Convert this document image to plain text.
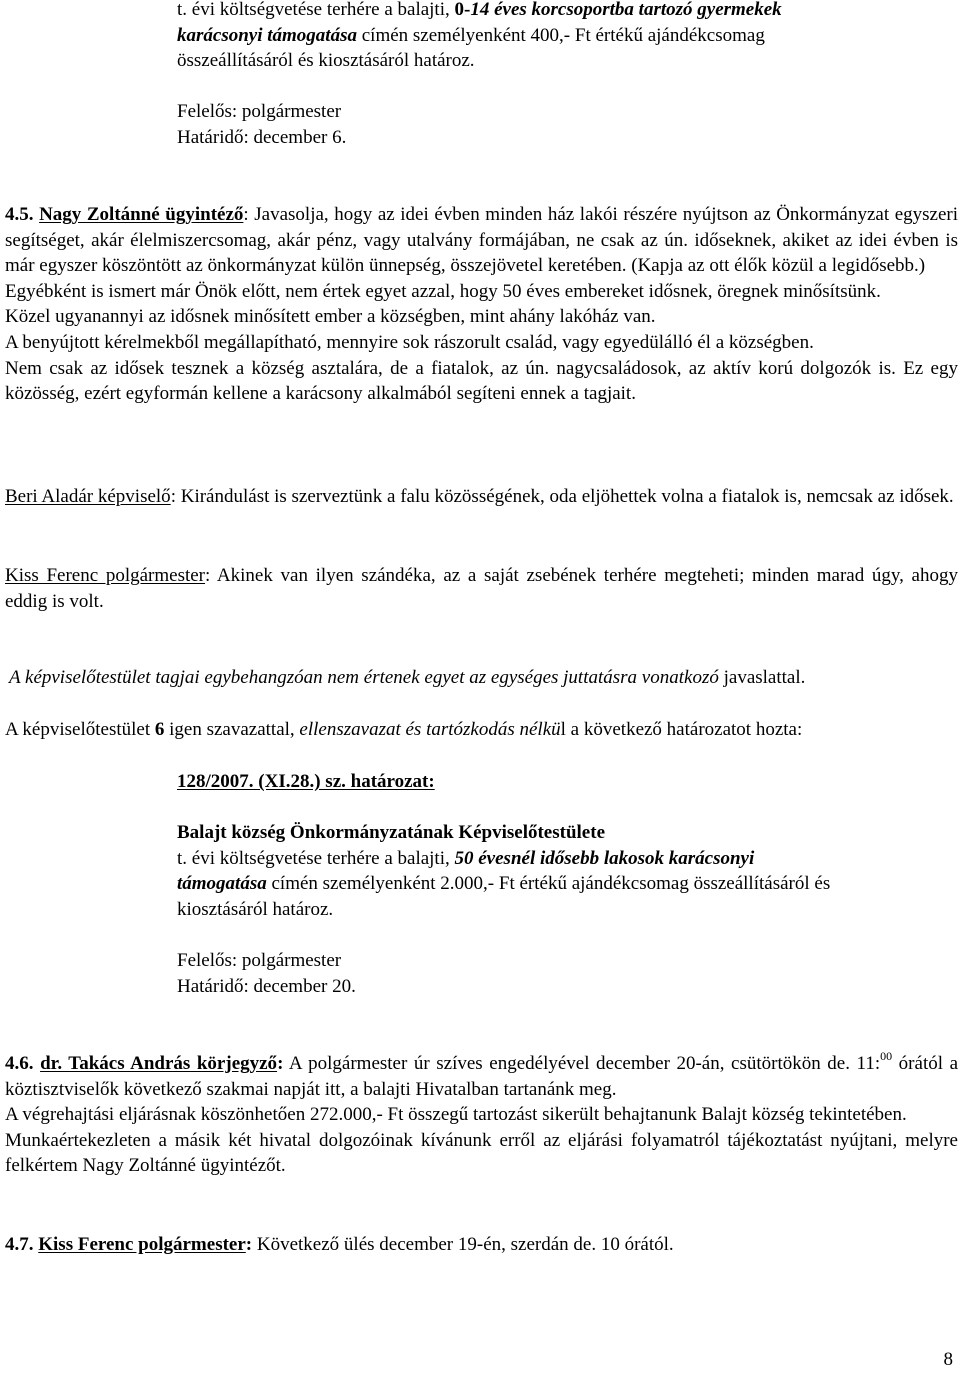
t. évi költségvetése terhére a balajti, 0-14 éves korcsoportba tartozó gyermekek

karácsonyi támogatása címén személyenként 400,- Ft értékű ajándékcsomag

összeállításáról és kiosztásáról határoz.

Felelős: polgármester
Határidő: december 6.

4.5. Nagy Zoltánné ügyintéző: Javasolja, hogy az idei évben minden ház lakói részére nyújtson az Önkormányzat egyszeri segítséget, akár élelmiszercsomag, akár pénz, vagy utalvány formájában, ne csak az ún. időseknek, akiket az idei évben is már egyszer köszöntött az önkormányzat külön ünnepség, összejövetel keretében. (Kapja az ott élők közül a legidősebb.)

Egyébként is ismert már Önök előtt, nem értek egyet azzal, hogy 50 éves embereket idősnek, öregnek minősítsünk.

Közel ugyanannyi az idősnek minősített ember a községben, mint ahány lakóház van.

A benyújtott kérelmekből megállapítható, mennyire sok rászorult család, vagy egyedülálló él a községben.

Nem csak az idősek tesznek a község asztalára, de a fiatalok, az ún. nagycsaládosok, az aktív korú dolgozók is. Ez egy közösség, ezért egyformán kellene a karácsony alkalmából segíteni ennek a tagjait.

Beri Aladár képviselő: Kirándulást is szerveztünk a falu közösségének, oda eljöhettek volna a fiatalok is, nemcsak az idősek.

Kiss Ferenc polgármester: Akinek van ilyen szándéka, az a saját zsebének terhére megteheti; minden marad úgy, ahogy eddig is volt.

A képviselőtestület tagjai egybehangzóan nem értenek egyet az egységes juttatásra vonatkozó javaslattal.

A képviselőtestület 6 igen szavazattal, ellenszavazat és tartózkodás nélkül a következő határozatot hozta:

128/2007. (XI.28.) sz. határozat:

Balajt község Önkormányzatának Képviselőtestülete

t. évi költségvetése terhére a balajti, 50 évesnél idősebb lakosok karácsonyi

támogatása címén személyenként 2.000,- Ft értékű ajándékcsomag összeállításáról és

kiosztásáról határoz.

Felelős: polgármester
Határidő: december 20.

4.6. dr. Takács András körjegyző: A polgármester úr szíves engedélyével december 20-án, csütörtökön de. 11:$^{00}$ órától a köztisztviselők következő szakmai napját itt, a balajti Hivatalban tartanánk meg.

A végrehajtási eljárásnak köszönhetően 272.000,- Ft összegű tartozást sikerült behajtanunk Balajt község tekintetében.

Munkaértekezleten a másik két hivatal dolgozóinak kívánunk erről az eljárási folyamatról tájékoztatást nyújtani, melyre felkértem Nagy Zoltánné ügyintézőt.

4.7. Kiss Ferenc polgármester: Következő ülés december 19-én, szerdán de. 10 órától.

8
